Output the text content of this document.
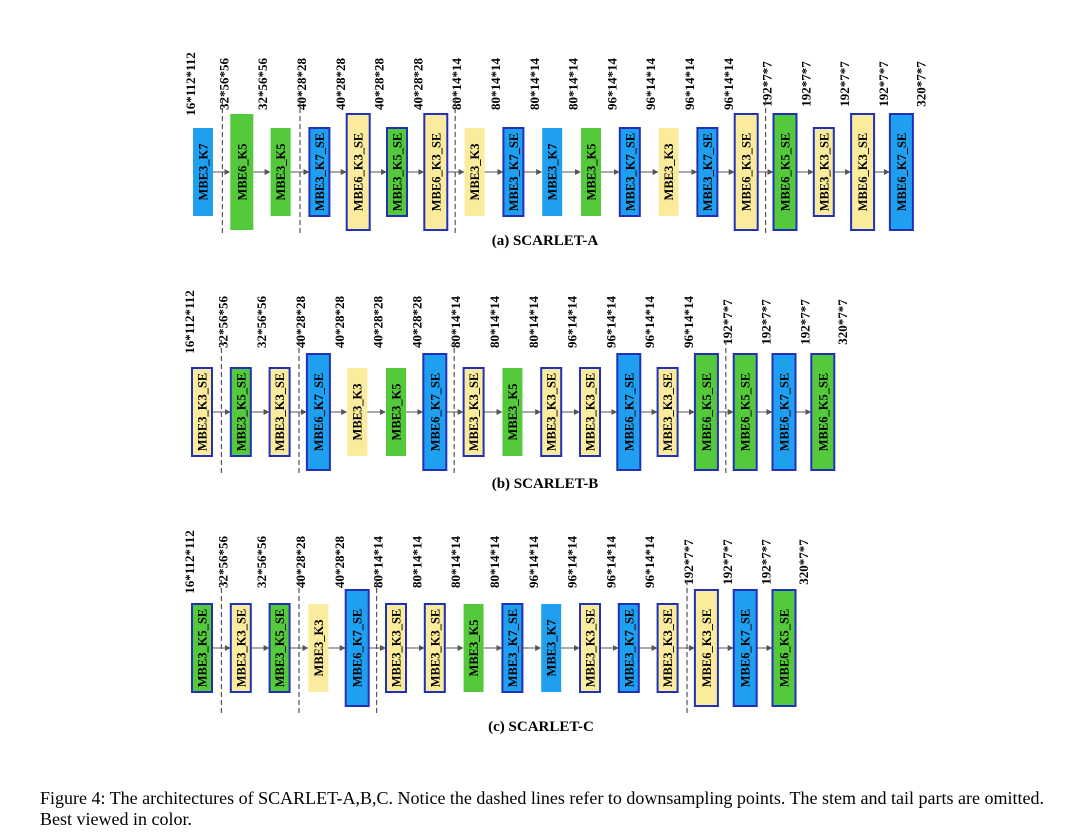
16*112*112 32*56*56 32*56*56 40*28*28 40*28*28 40*28*28 40*28*28 80*14*14 80*14*14 80*14*14 80*14*14 96*14*14 96*14*14 96*14*14 96*14*14 192*7*7 192*7*7 192*7*7 192*7*7 320*7*7
MBE3_K7 MBE6_K5 MBE3_K5 MBE3_K7_SE MBE6_K3_SE MBE3_K5_SE MBE6_K3_SE MBE3_K3 MBE3_K7_SE MBE3_K7 MBE3_K5 MBE3_K7_SE MBE3_K3 MBE3_K7_SE MBE6_K3_SE MBE6_K5_SE MBE3_K3_SE MBE6_K3_SE MBE6_K7_SE
(a) SCARLET-A
16*112*112 32*56*56 32*56*56 40*28*28 40*28*28 40*28*28 40*28*28 80*14*14 80*14*14 80*14*14 96*14*14 96*14*14 96*14*14 96*14*14 192*7*7 192*7*7 192*7*7 320*7*7
MBE3_K3_SE MBE3_K5_SE MBE3_K3_SE MBE6_K7_SE MBE3_K3 MBE3_K5 MBE6_K7_SE MBE3_K3_SE MBE3_K5 MBE3_K3_SE MBE3_K3_SE MBE6_K7_SE MBE3_K3_SE MBE6_K5_SE MBE6_K5_SE MBE6_K7_SE MBE6_K5_SE
(b) SCARLET-B
16*112*112 32*56*56 32*56*56 40*28*28 40*28*28 80*14*14 80*14*14 80*14*14 80*14*14 96*14*14 96*14*14 96*14*14 96*14*14 192*7*7 192*7*7 192*7*7 320*7*7
MBE3_K5_SE MBE3_K3_SE MBE3_K5_SE MBE3_K3 MBE6_K7_SE MBE3_K3_SE MBE3_K3_SE MBE3_K5 MBE3_K7_SE MBE3_K7 MBE3_K3_SE MBE3_K7_SE MBE3_K3_SE MBE6_K3_SE MBE6_K7_SE MBE6_K5_SE
(c) SCARLET-C

Figure 4: The architectures of SCARLET-A,B,C. Notice the dashed lines refer to downsampling points. The stem and tail parts are omitted. Best viewed in color.
